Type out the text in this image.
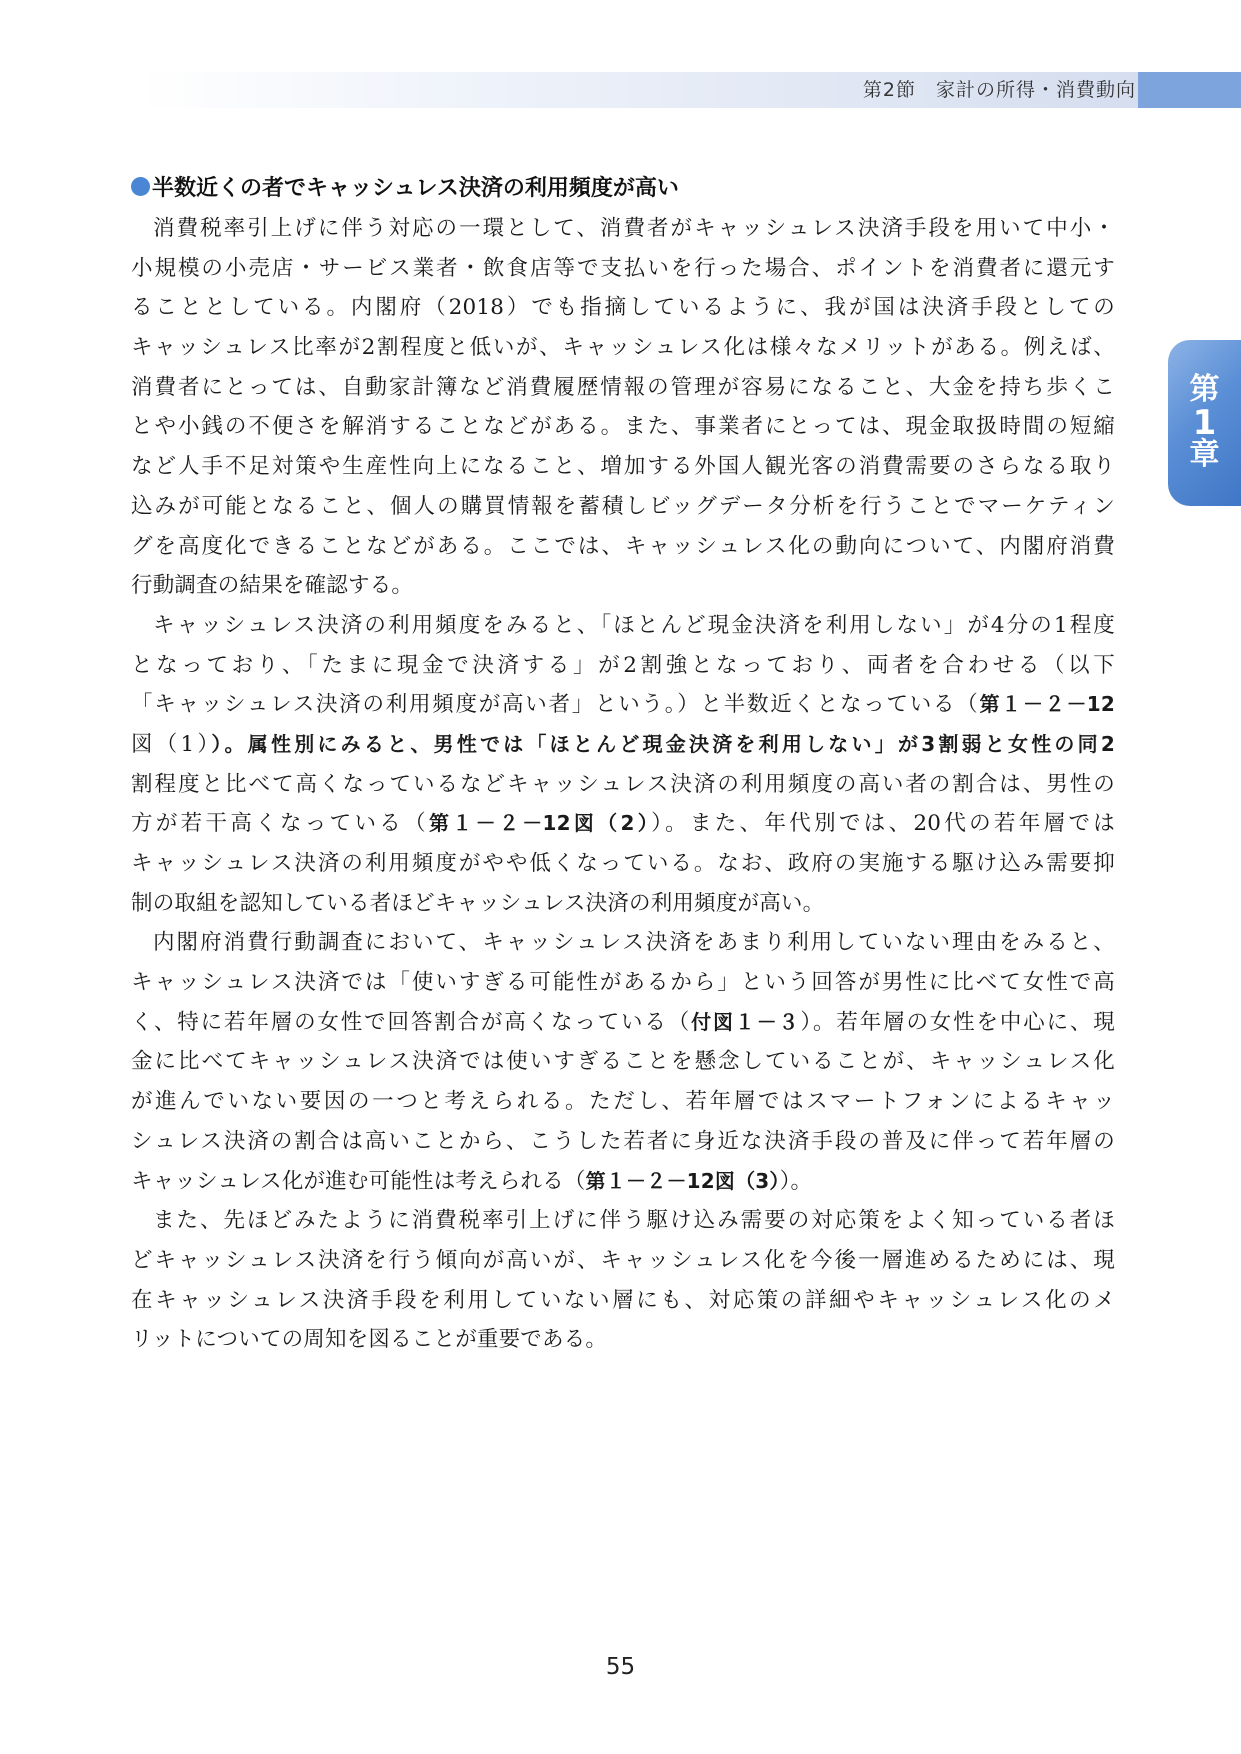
第2節　家計の所得・消費動向
第
1
章
半数近くの者でキャッシュレス決済の利用頻度が高い

消費税率引上げに伴う対応の一環として、消費者がキャッシュレス決済手段を用いて中小・
小規模の小売店・サービス業者・飲食店等で支払いを行った場合、ポイントを消費者に還元す
ることとしている。内閣府（2018）でも指摘しているように、我が国は決済手段としての
キャッシュレス比率が2割程度と低いが、キャッシュレス化は様々なメリットがある。例えば、
消費者にとっては、自動家計簿など消費履歴情報の管理が容易になること、大金を持ち歩くこ
とや小銭の不便さを解消することなどがある。また、事業者にとっては、現金取扱時間の短縮
など人手不足対策や生産性向上になること、増加する外国人観光客の消費需要のさらなる取り
込みが可能となること、個人の購買情報を蓄積しビッグデータ分析を行うことでマーケティン
グを高度化できることなどがある。ここでは、キャッシュレス化の動向について、内閣府消費
行動調査の結果を確認する。

キャッシュレス決済の利用頻度をみると、「ほとんど現金決済を利用しない」が4分の1程度
となっており、「たまに現金で決済する」が2割強となっており、両者を合わせる（以下
「キャッシュレス決済の利用頻度が高い者」という。）と半数近くとなっている（第１－２－12
図（1））。属性別にみると、男性では「ほとんど現金決済を利用しない」が3割弱と女性の同2
割程度と比べて高くなっているなどキャッシュレス決済の利用頻度の高い者の割合は、男性の
方が若干高くなっている（第１－２－12図（2））。また、年代別では、20代の若年層では
キャッシュレス決済の利用頻度がやや低くなっている。なお、政府の実施する駆け込み需要抑
制の取組を認知している者ほどキャッシュレス決済の利用頻度が高い。

内閣府消費行動調査において、キャッシュレス決済をあまり利用していない理由をみると、
キャッシュレス決済では「使いすぎる可能性があるから」という回答が男性に比べて女性で高
く、特に若年層の女性で回答割合が高くなっている（付図１－３）。若年層の女性を中心に、現
金に比べてキャッシュレス決済では使いすぎることを懸念していることが、キャッシュレス化
が進んでいない要因の一つと考えられる。ただし、若年層ではスマートフォンによるキャッ
シュレス決済の割合は高いことから、こうした若者に身近な決済手段の普及に伴って若年層の
キャッシュレス化が進む可能性は考えられる（第１－２－12図（3））。

また、先ほどみたように消費税率引上げに伴う駆け込み需要の対応策をよく知っている者ほ
どキャッシュレス決済を行う傾向が高いが、キャッシュレス化を今後一層進めるためには、現
在キャッシュレス決済手段を利用していない層にも、対応策の詳細やキャッシュレス化のメ
リットについての周知を図ることが重要である。

55
